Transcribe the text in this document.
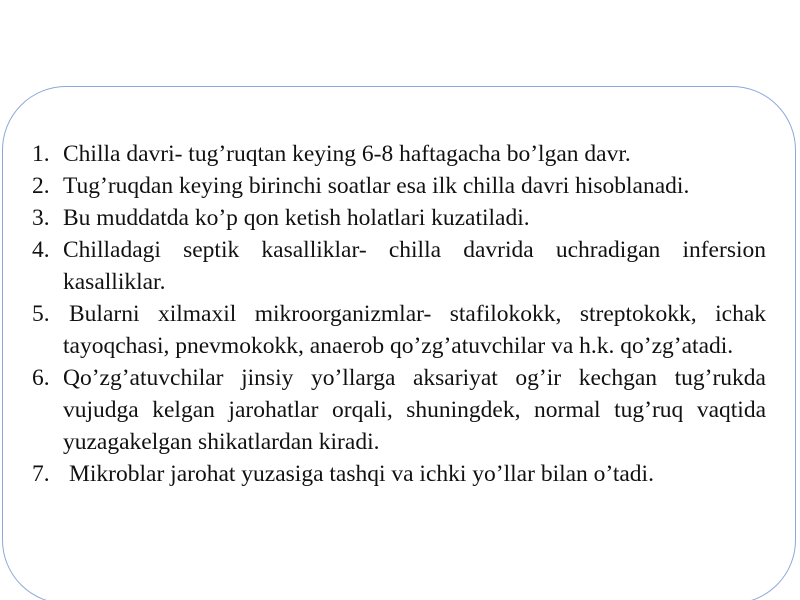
1. Chilla davri- tug’ruqtan keying 6-8 haftagacha bo’lgan davr.
2. Tug’ruqdan keying birinchi soatlar esa ilk chilla davri hisoblanadi.
3. Bu muddatda ko’p qon ketish holatlari kuzatiladi.
4. Chilladagi septik kasalliklar- chilla davrida uchradigan infersion kasalliklar.
5. Bularni xilmaxil mikroorganizmlar- stafilokokk, streptokokk, ichak tayoqchasi, pnevmokokk, anaerob qo’zg’atuvchilar va h.k. qo’zg’atadi.
6. Qo’zg’atuvchilar jinsiy yo’llarga aksariyat og’ir kechgan tug’rukda vujudga kelgan jarohatlar orqali, shuningdek, normal tug’ruq vaqtida yuzagakelgan shikatlardan kiradi.
7. Mikroblar jarohat yuzasiga tashqi va ichki yo’llar bilan o’tadi.
